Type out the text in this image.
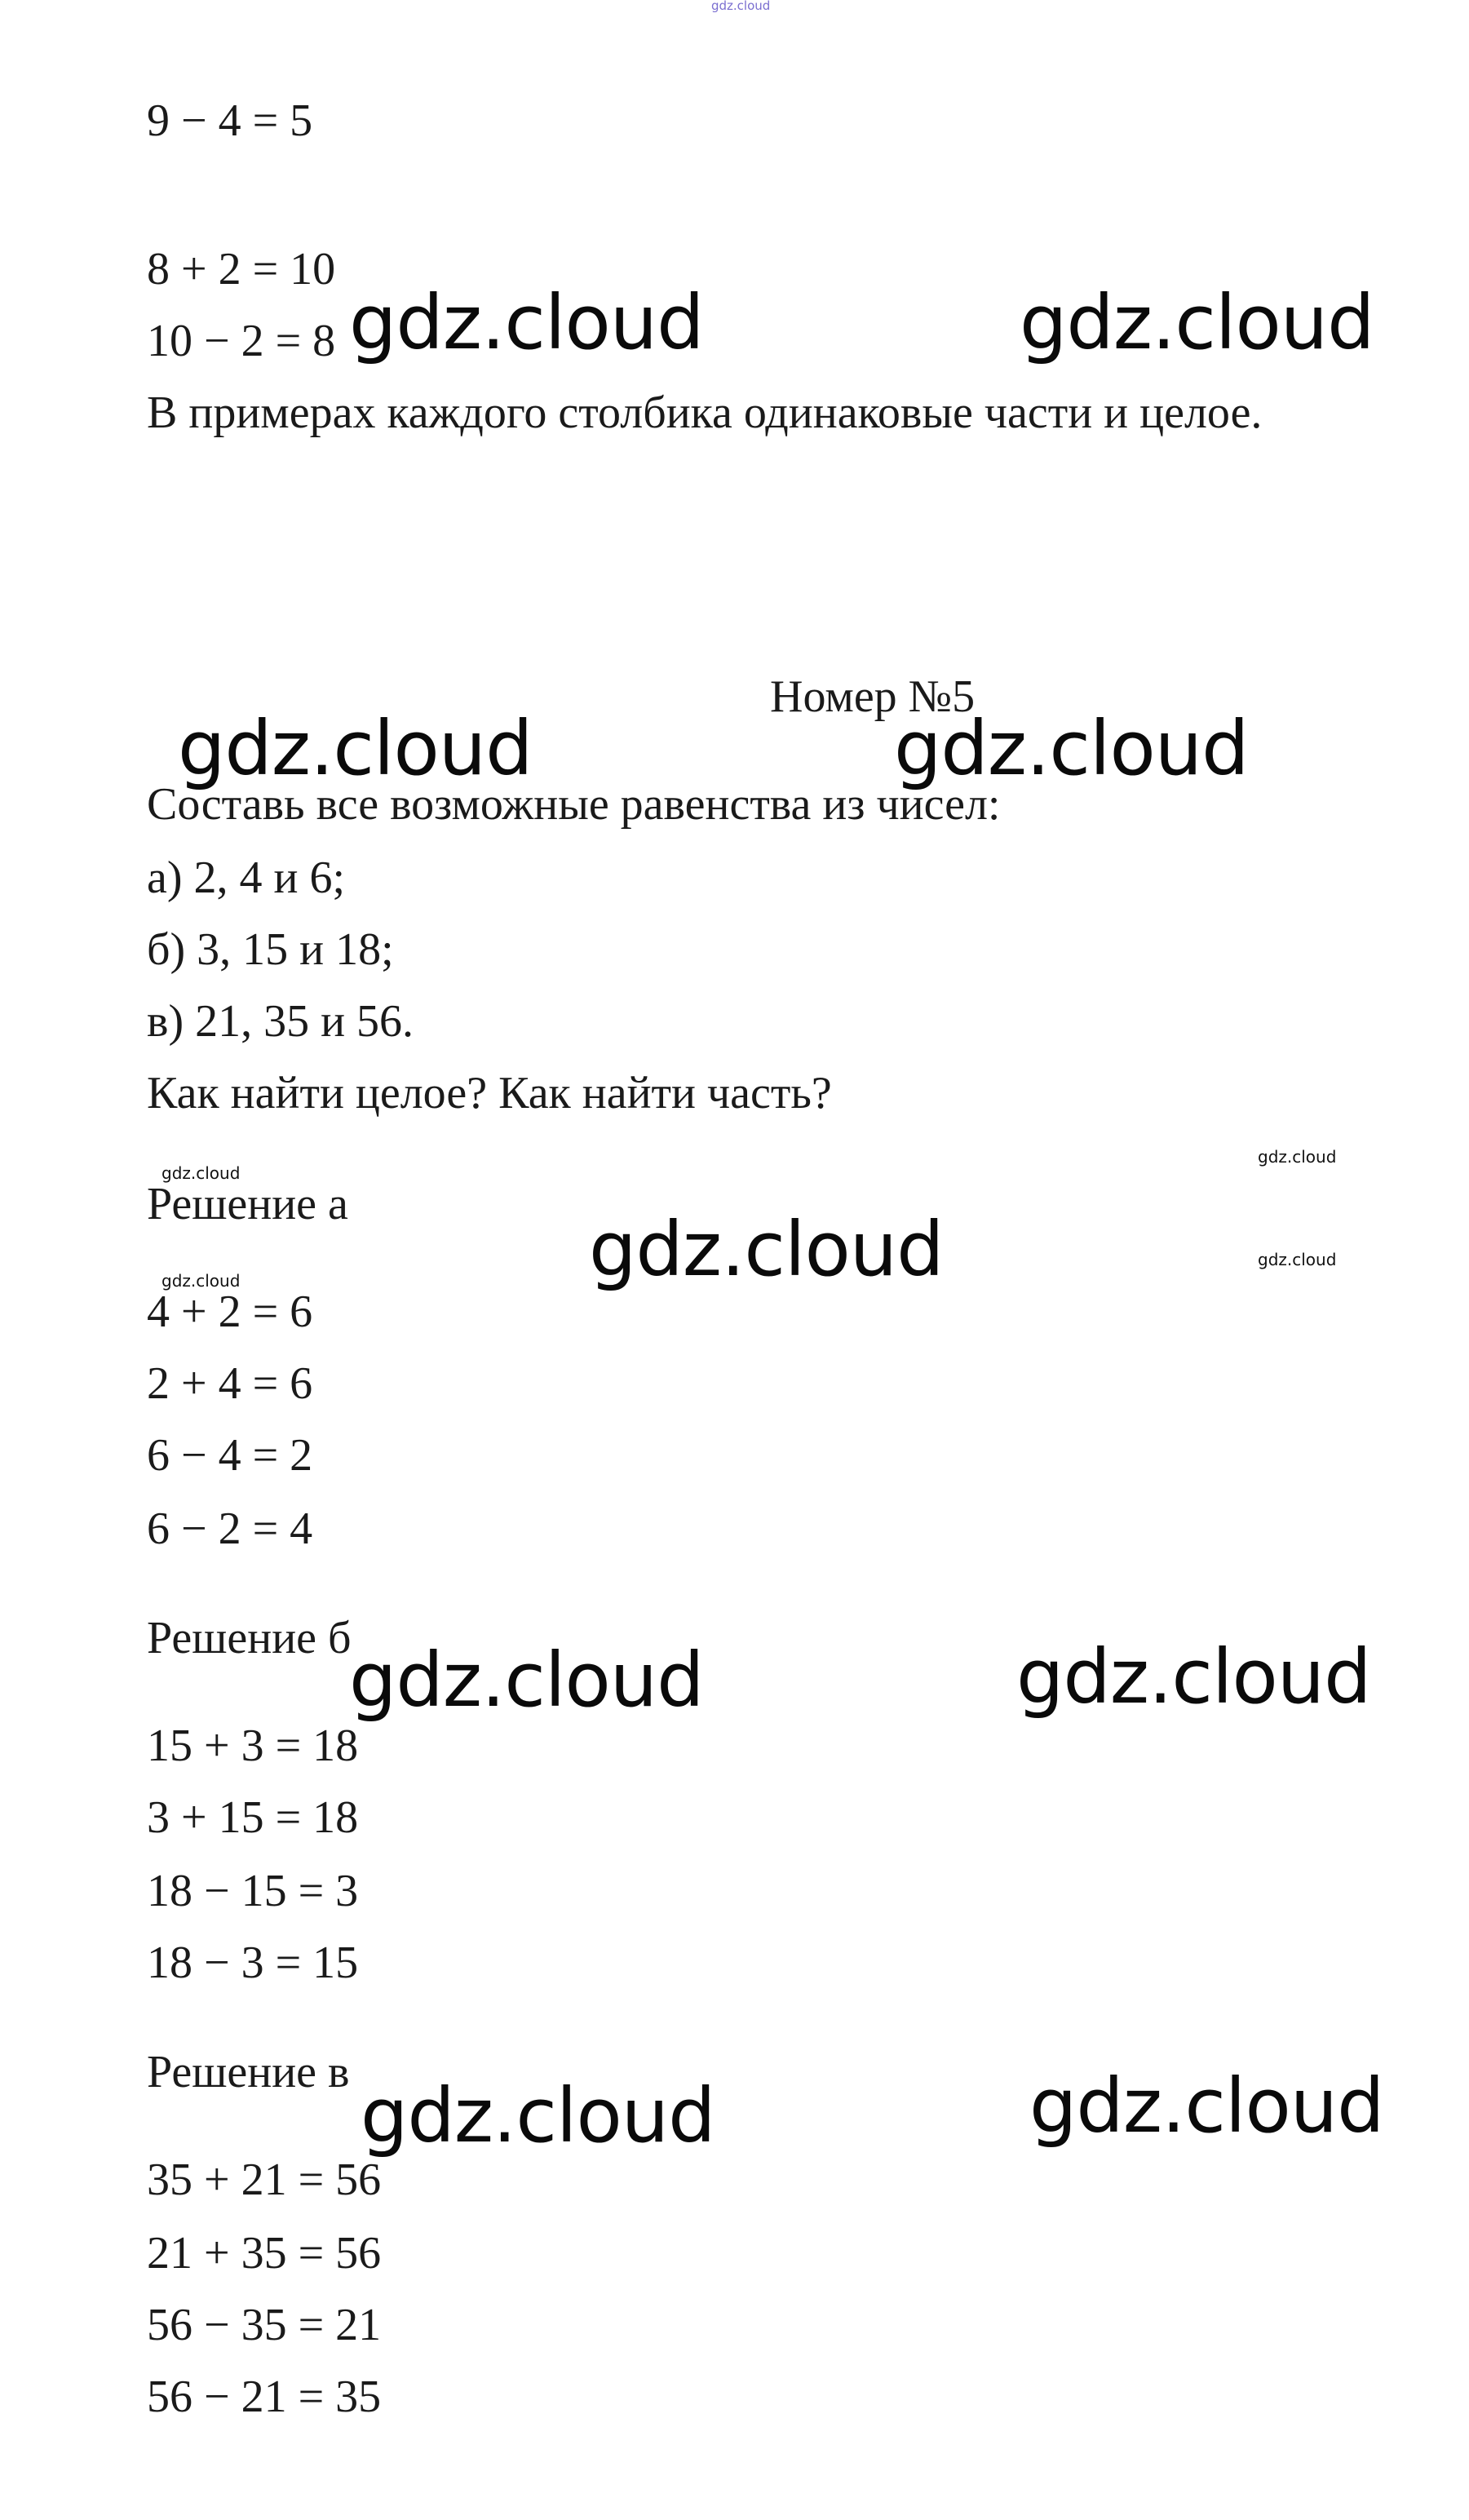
gdz.cloud
9 − 4 = 5
8 + 2 = 10
10 − 2 = 8
В примерах каждого столбика одинаковые части и целое.
Номер №5
Составь все возможные равенства из чисел:
а) 2, 4 и 6;
б) 3, 15 и 18;
в) 21, 35 и 56.
Как найти целое? Как найти часть?
Решение а
4 + 2 = 6
2 + 4 = 6
6 − 4 = 2
6 − 2 = 4
Решение б
15 + 3 = 18
3 + 15 = 18
18 − 15 = 3
18 − 3 = 15
Решение в
35 + 21 = 56
21 + 35 = 56
56 − 35 = 21
56 − 21 = 35
gdz.cloud	gdz.cloud
gdz.cloud	gdz.cloud
gdz.cloud
gdz.cloud	gdz.cloud
gdz.cloud	gdz.cloud
gdz.cloud
gdz.cloud
gdz.cloud
gdz.cloud
